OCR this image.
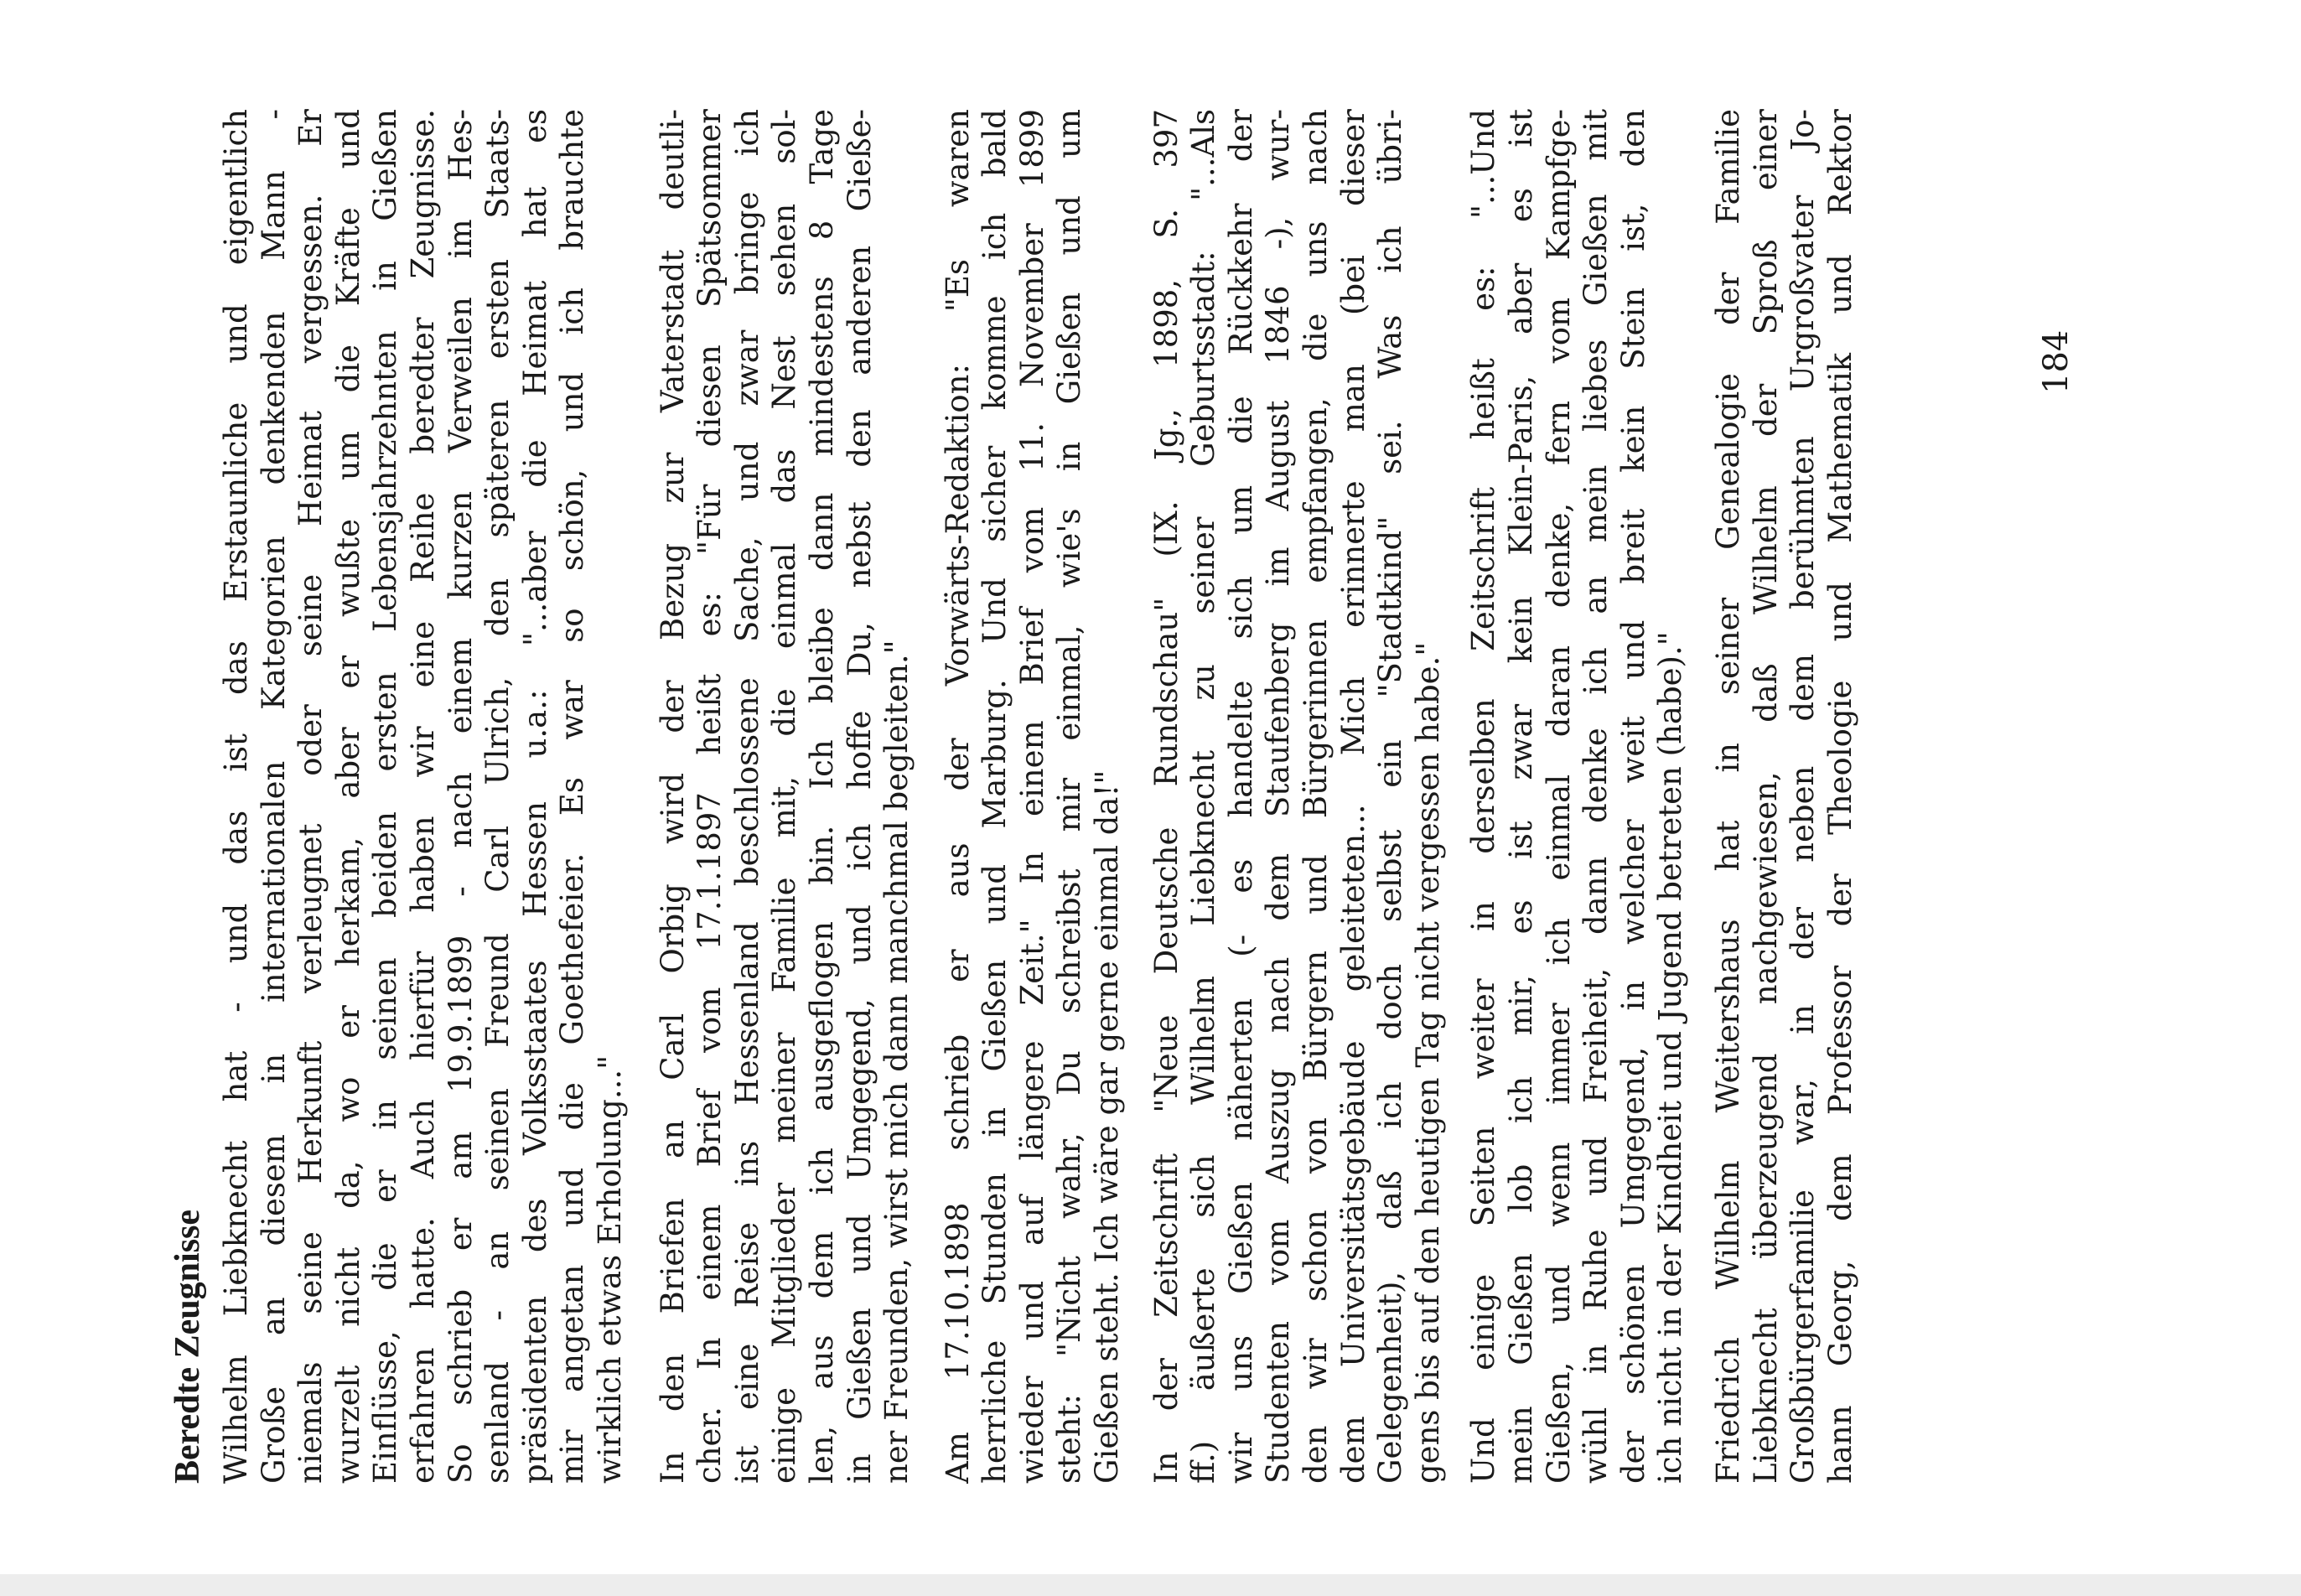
Beredte Zeugnisse Wilhelm Liebknecht hat - und das ist das Erstaunliche und eigentlich Große an diesem in internationalen Kategorien denkenden Mann - niemals seine Herkunft verleugnet oder seine Heimat vergessen. Er wurzelt nicht da, wo er herkam, aber er wußte um die Kräfte und Einflüsse, die er in seinen beiden ersten Lebensjahrzehnten in Gießen erfahren hatte. Auch hierfür haben wir eine Reihe beredter Zeugnisse. So schrieb er am 19.9.1899 - nach einem kurzen Verweilen im Hes- senland - an seinen Freund Carl Ulrich, den späteren ersten Staats- präsidenten des Volksstaates Hessen u.a.: "...aber die Heimat hat es mir angetan und die Goethefeier. Es war so schön, und ich brauchte wirklich etwas Erholung..." In den Briefen an Carl Orbig wird der Bezug zur Vaterstadt deutli- cher. In einem Brief vom 17.1.1897 heißt es: "Für diesen Spätsommer ist eine Reise ins Hessenland beschlossene Sache, und zwar bringe ich einige Mitglieder meiner Familie mit, die einmal das Nest sehen sol- len, aus dem ich ausgeflogen bin. Ich bleibe dann mindestens 8 Tage in Gießen und Umgegend, und ich hoffe Du, nebst den anderen Gieße- ner Freunden, wirst mich dann manchmal begleiten." Am 17.10.1898 schrieb er aus der Vorwärts-Redaktion: "Es waren herrliche Stunden in Gießen und Marburg. Und sicher komme ich bald wieder und auf längere Zeit." In einem Brief vom 11. November 1899 steht: "Nicht wahr, Du schreibst mir einmal, wie's in Gießen und um Gießen steht. Ich wäre gar gerne einmal da!" In der Zeitschrift "Neue Deutsche Rundschau" (IX. Jg., 1898, S. 397 ff.) äußerte sich Wilhelm Liebknecht zu seiner Geburtsstadt: "...Als wir uns Gießen näherten (- es handelte sich um die Rückkehr der Studenten vom Auszug nach dem Staufenberg im August 1846 -), wur- den wir schon von Bürgern und Bürgerinnen empfangen, die uns nach dem Universitätsgebäude geleiteten... Mich erinnerte man (bei dieser Gelegenheit), daß ich doch selbst ein "Stadtkind" sei. Was ich übri- gens bis auf den heutigen Tag nicht vergessen habe." Und einige Seiten weiter in derselben Zeitschrift heißt es: "...Und mein Gießen lob ich mir, es ist zwar kein Klein-Paris, aber es ist Gießen, und wenn immer ich einmal daran denke, fern vom Kampfge- wühl in Ruhe und Freiheit, dann denke ich an mein liebes Gießen mit der schönen Umgegend, in welcher weit und breit kein Stein ist, den ich nicht in der Kindheit und Jugend betreten (habe)." Friedrich Wilhelm Weitershaus hat in seiner Genealogie der Familie Liebknecht überzeugend nachgewiesen, daß Wilhelm der Sproß einer Großbürgerfamilie war, in der neben dem berühmten Urgroßvater Jo- hann Georg, dem Professor der Theologie und Mathematik und Rektor	184
